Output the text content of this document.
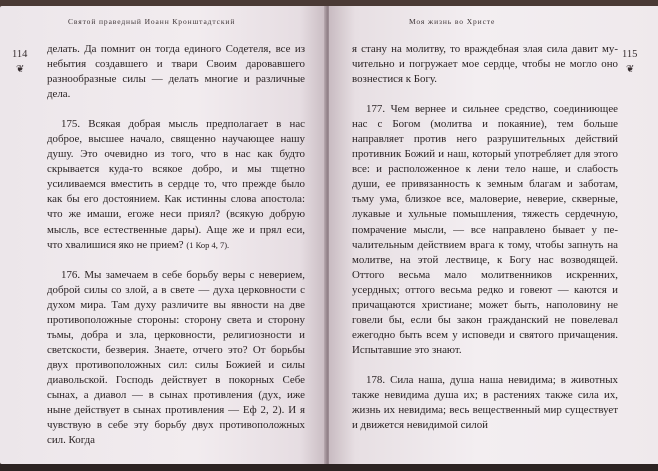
Святой праведный Иоанн Кронштадтский
114
❦

делать. Да помнит он тогда единого Содетеля, все из небытия создавшего и твари Своим даровавшего разнообразные силы — делать многие и различные дела.

175. Всякая добрая мысль предполагает в нас доброе, высшее начало, священно научающее нашу душу. Это очевидно из того, что в нас как будто скрывается куда-то всякое добро, и мы тщетно усиливаемся вместить в сердце то, что прежде было как бы его достоянием. Как истинны слова апостола: что же имаши, егоже неси приял? (всякую добрую мысль, все естественные дары). Аще же и прял еси, что хвалишися яко не прием? (1 Кор 4, 7).

176. Мы замечаем в себе борьбу веры с неверием, доброй силы со злой, а в свете — духа церковности с духом мира. Там духу различите вы явности на две противоположные стороны: сторону света и сторону тьмы, добра и зла, церковности, религиозности и светскости, безверия. Знаете, отчего это? От борьбы двух противоположных сил: силы Божией и силы диавольской. Господь действует в покорных Себе сынах, а диавол — в сынах противления (дух, иже ныне действует в сынах противления — Еф 2, 2). И я чувствую в себе эту борьбу двух противоположных сил. Когда

Моя жизнь во Христе
115
❦

я стану на молитву, то враждебная злая сила давит мучительно и погружает мое сердце, чтобы не могло оно вознестися к Богу.

177. Чем вернее и сильнее средство, соединиющее нас с Богом (молитва и покаяние), тем больше направляет против него разрушительных действий противник Божий и наш, который употребляет для этого все: и расположенное к лени тело наше, и слабость души, ее привязанность к земным благам и заботам, тьму ума, близкое все, маловерие, неверие, скверные, лукавые и хульные помышления, тяжесть сердечную, помрачение мысли, — все направлено бывает у печалительным действием врага к тому, чтобы запнуть на молитве, на этой лествице, к Богу нас возводящей. Оттого весьма мало молитвенников искренних, усердных; оттого весьма редко и говеют — каются и причащаются христиане; может быть, наполовину не говели бы, если бы закон гражданский не повелевал ежегодно быть всем у исповеди и святого причащения. Испытавшие это знают.

178. Сила наша, душа наша невидима; в животных также невидима душа их; в растениях также сила их, жизнь их невидима; весь вещественный мир существует и движется невидимой силой
